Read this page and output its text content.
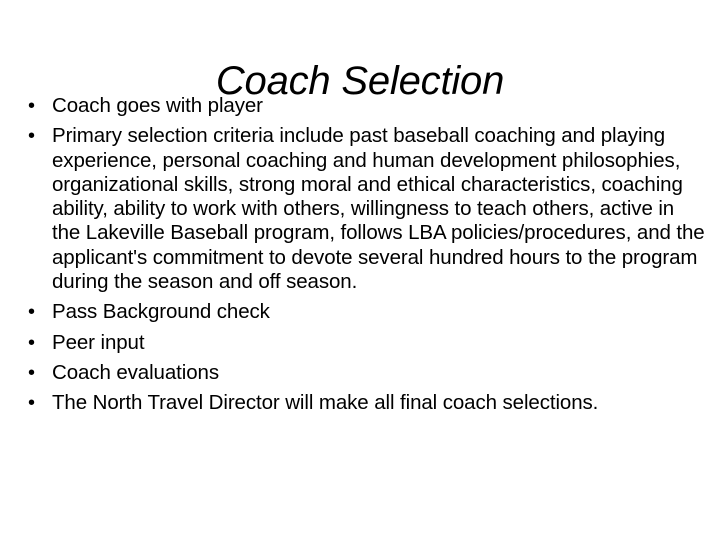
Coach Selection
• Coach goes with player
• Primary selection criteria include past baseball coaching and playing experience, personal coaching and human development philosophies, organizational skills, strong moral and ethical characteristics, coaching ability, ability to work with others, willingness to teach others, active in the Lakeville Baseball program, follows LBA policies/procedures, and the applicant's commitment to devote several hundred hours to the program during the season and off season.
• Pass Background check
• Peer input
• Coach evaluations
• The North Travel Director will make all final coach selections.
